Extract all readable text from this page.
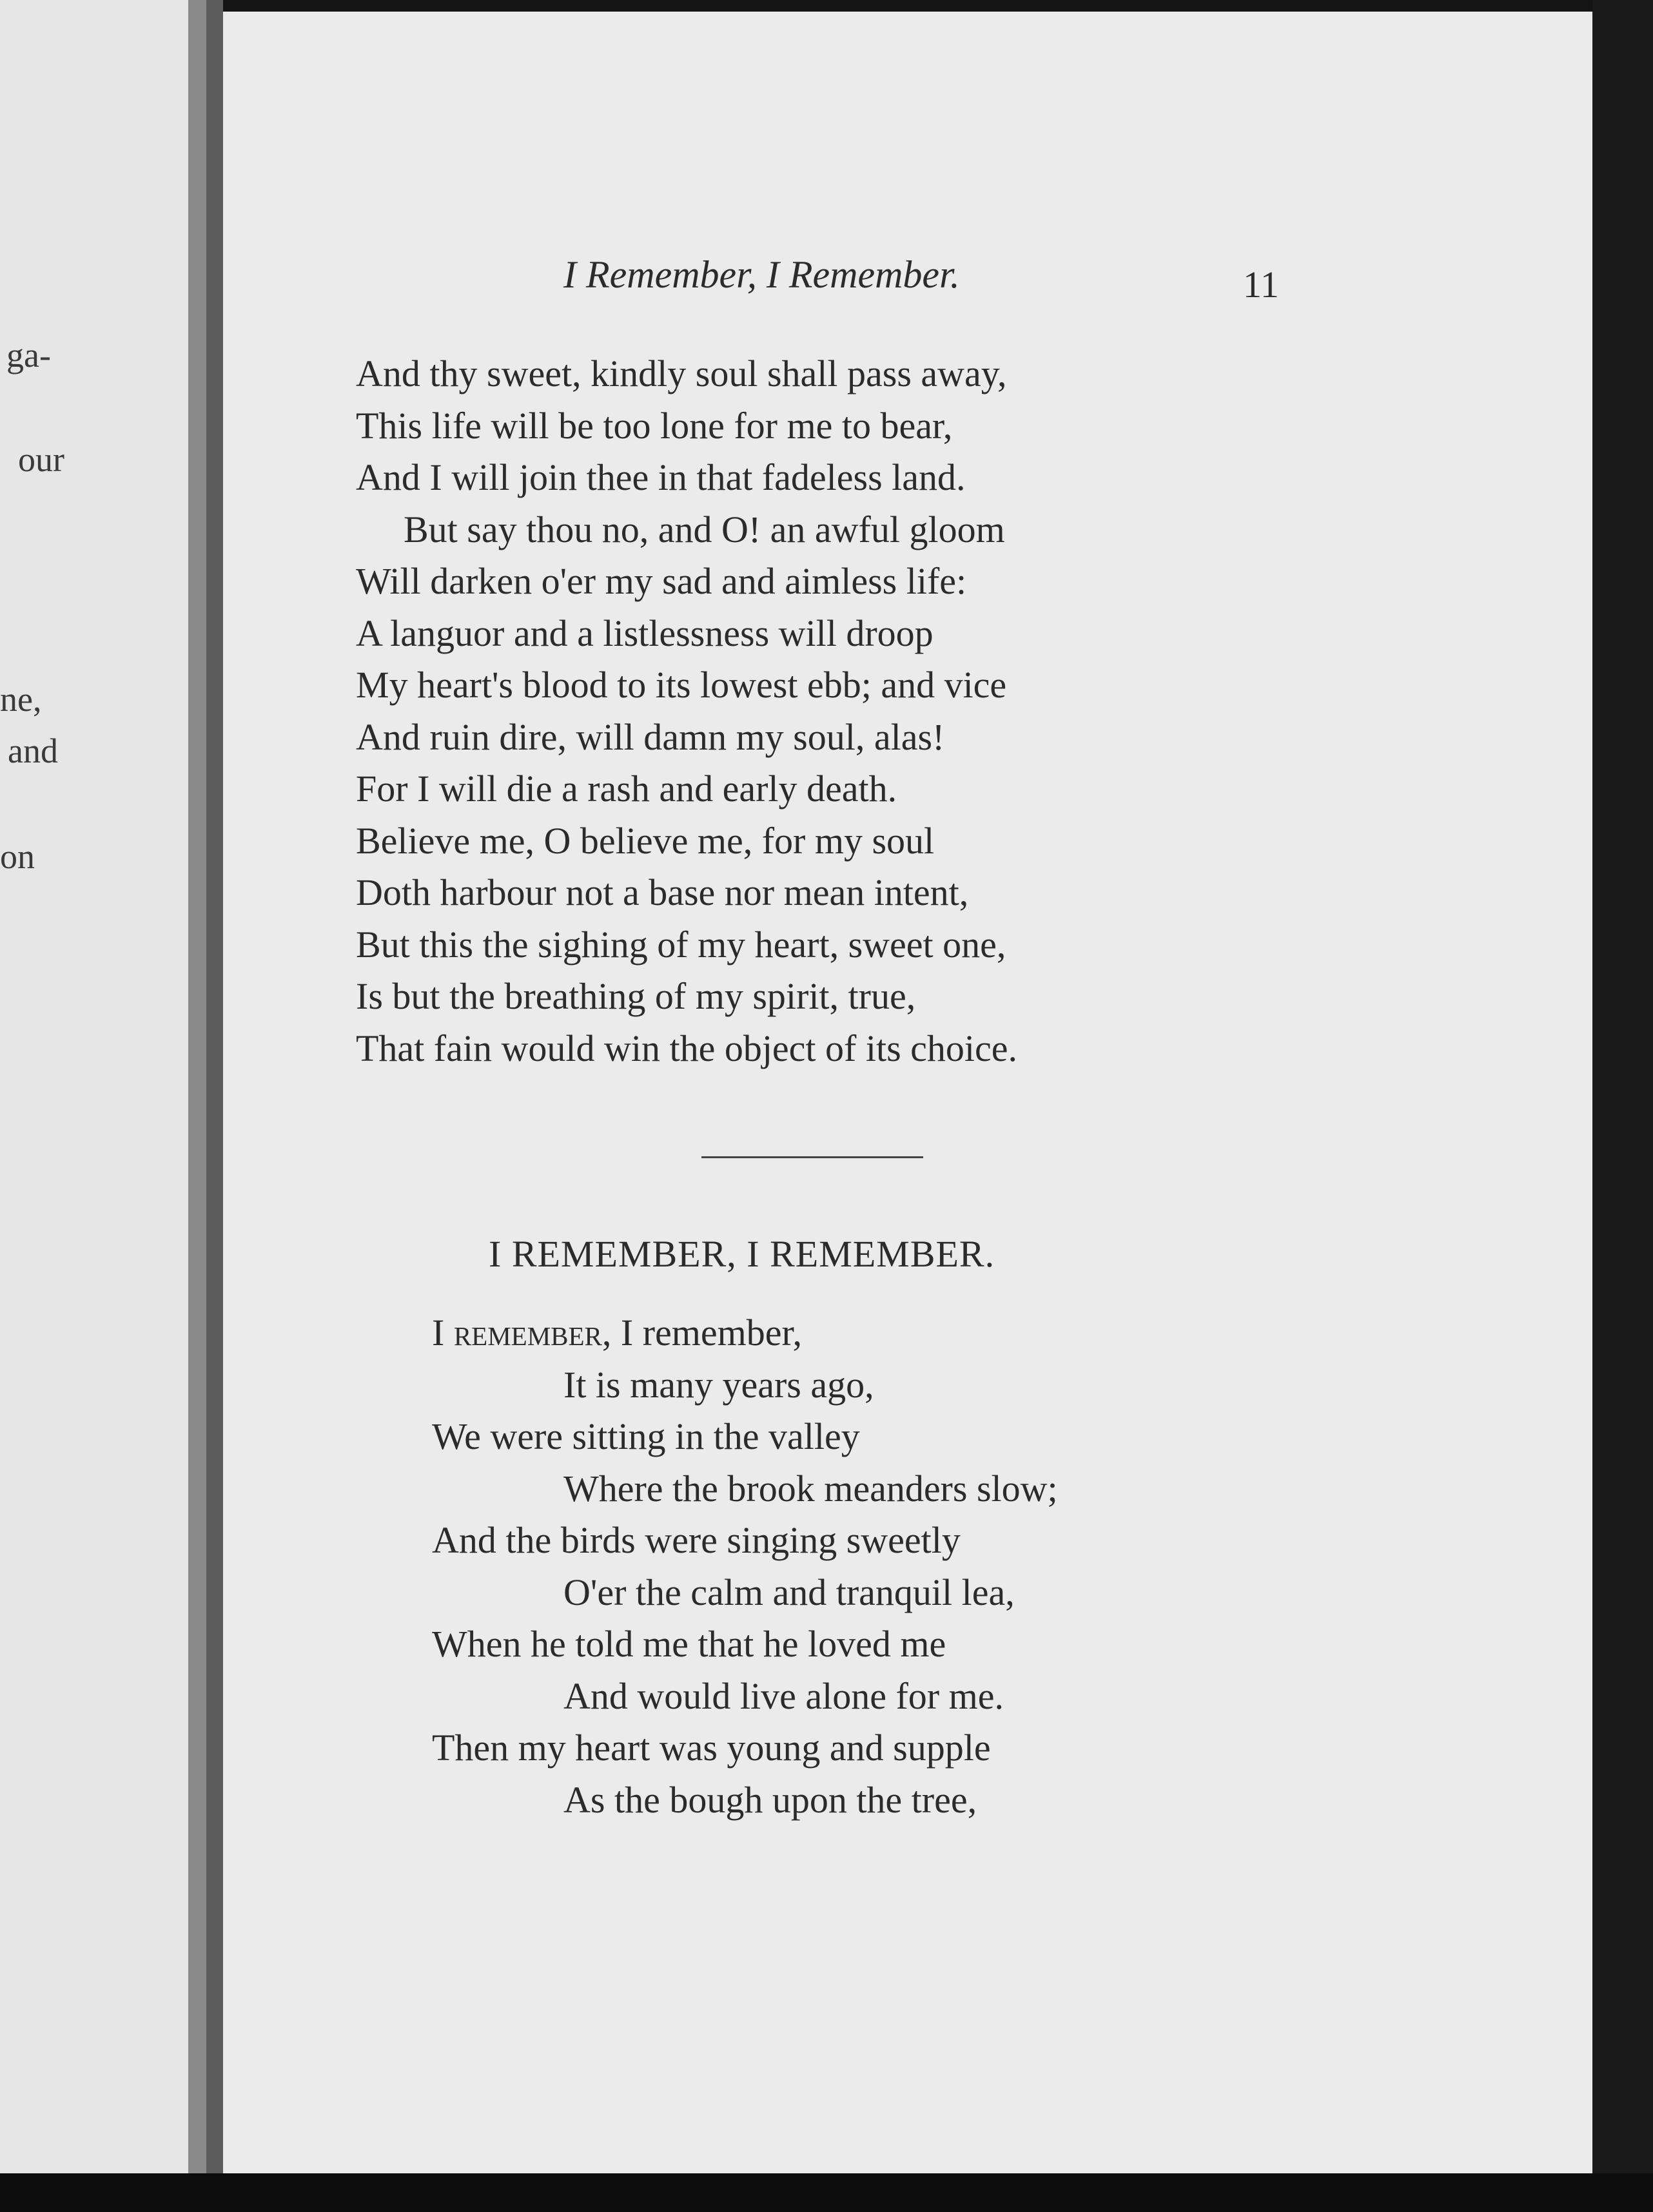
ga-
our
ne,
and
on
I Remember, I Remember.	11
And thy sweet, kindly soul shall pass away,
This life will be too lone for me to bear,
And I will join thee in that fadeless land.
But say thou no, and O! an awful gloom
Will darken o'er my sad and aimless life:
A languor and a listlessness will droop
My heart's blood to its lowest ebb; and vice
And ruin dire, will damn my soul, alas!
For I will die a rash and early death.
Believe me, O believe me, for my soul
Doth harbour not a base nor mean intent,
But this the sighing of my heart, sweet one,
Is but the breathing of my spirit, true,
That fain would win the object of its choice.
I REMEMBER, I REMEMBER.
I remember, I remember,
It is many years ago,
We were sitting in the valley
Where the brook meanders slow;
And the birds were singing sweetly
O'er the calm and tranquil lea,
When he told me that he loved me
And would live alone for me.
Then my heart was young and supple
As the bough upon the tree,
